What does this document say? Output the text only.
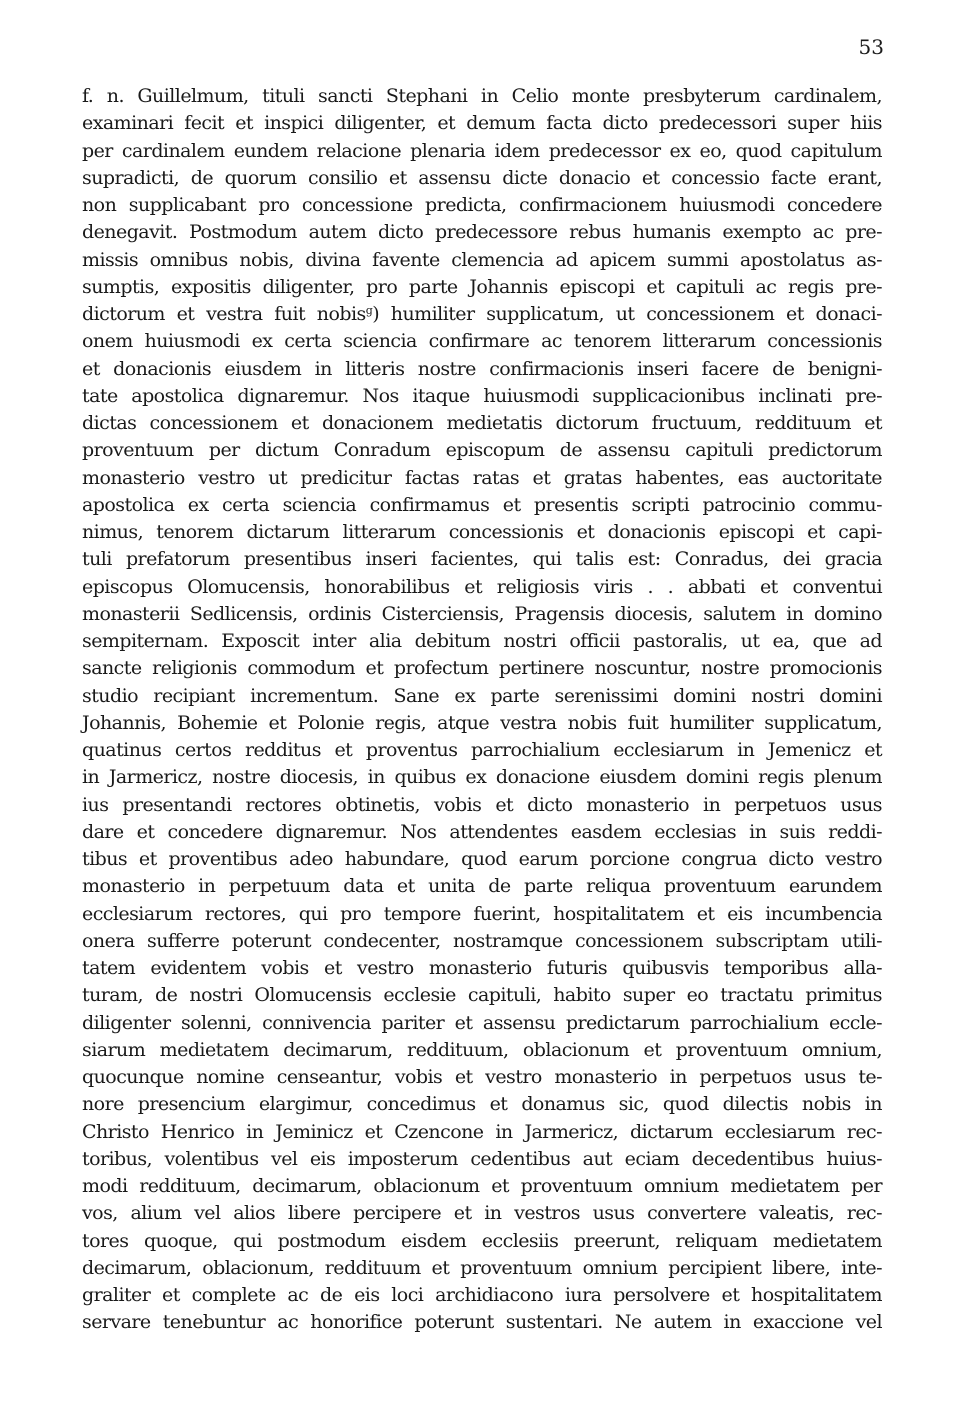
53
f. n. Guillelmum, tituli sancti Stephani in Celio monte presbyterum cardinalem,
examinari fecit et inspici diligenter, et demum facta dicto predecessori super hiis
per cardinalem eundem relacione plenaria idem predecessor ex eo, quod capitulum
supradicti, de quorum consilio et assensu dicte donacio et concessio facte erant,
non supplicabant pro concessione predicta, confirmacionem huiusmodi concedere
denegavit. Postmodum autem dicto predecessore rebus humanis exempto ac pre-
missis omnibus nobis, divina favente clemencia ad apicem summi apostolatus as-
sumptis, expositis diligenter, pro parte Johannis episcopi et capituli ac regis pre-
dictorum et vestra fuit nobis$^g$) humiliter supplicatum, ut concessionem et donaci-
onem huiusmodi ex certa sciencia confirmare ac tenorem litterarum concessionis
et donacionis eiusdem in litteris nostre confirmacionis inseri facere de benigni-
tate apostolica dignaremur. Nos itaque huiusmodi supplicacionibus inclinati pre-
dictas concessionem et donacionem medietatis dictorum fructuum, reddituum et
proventuum per dictum Conradum episcopum de assensu capituli predictorum
monasterio vestro ut predicitur factas ratas et gratas habentes, eas auctoritate
apostolica ex certa sciencia confirmamus et presentis scripti patrocinio commu-
nimus, tenorem dictarum litterarum concessionis et donacionis episcopi et capi-
tuli prefatorum presentibus inseri facientes, qui talis est: Conradus, dei gracia
episcopus Olomucensis, honorabilibus et religiosis viris . . abbati et conventui
monasterii Sedlicensis, ordinis Cisterciensis, Pragensis diocesis, salutem in domino
sempiternam. Exposcit inter alia debitum nostri officii pastoralis, ut ea, que ad
sancte religionis commodum et profectum pertinere noscuntur, nostre promocionis
studio recipiant incrementum. Sane ex parte serenissimi domini nostri domini
Johannis, Bohemie et Polonie regis, atque vestra nobis fuit humiliter supplicatum,
quatinus certos redditus et proventus parrochialium ecclesiarum in Jemenicz et
in Jarmericz, nostre diocesis, in quibus ex donacione eiusdem domini regis plenum
ius presentandi rectores obtinetis, vobis et dicto monasterio in perpetuos usus
dare et concedere dignaremur. Nos attendentes easdem ecclesias in suis reddi-
tibus et proventibus adeo habundare, quod earum porcione congrua dicto vestro
monasterio in perpetuum data et unita de parte reliqua proventuum earundem
ecclesiarum rectores, qui pro tempore fuerint, hospitalitatem et eis incumbencia
onera sufferre poterunt condecenter, nostramque concessionem subscriptam utili-
tatem evidentem vobis et vestro monasterio futuris quibusvis temporibus alla-
turam, de nostri Olomucensis ecclesie capituli, habito super eo tractatu primitus
diligenter solenni, connivencia pariter et assensu predictarum parrochialium eccle-
siarum medietatem decimarum, reddituum, oblacionum et proventuum omnium,
quocunque nomine censeantur, vobis et vestro monasterio in perpetuos usus te-
nore presencium elargimur, concedimus et donamus sic, quod dilectis nobis in
Christo Henrico in Jeminicz et Czencone in Jarmericz, dictarum ecclesiarum rec-
toribus, volentibus vel eis imposterum cedentibus aut eciam decedentibus huius-
modi reddituum, decimarum, oblacionum et proventuum omnium medietatem per
vos, alium vel alios libere percipere et in vestros usus convertere valeatis, rec-
tores quoque, qui postmodum eisdem ecclesiis preerunt, reliquam medietatem
decimarum, oblacionum, reddituum et proventuum omnium percipient libere, inte-
graliter et complete ac de eis loci archidiacono iura persolvere et hospitalitatem
servare tenebuntur ac honorifice poterunt sustentari. Ne autem in exaccione vel
